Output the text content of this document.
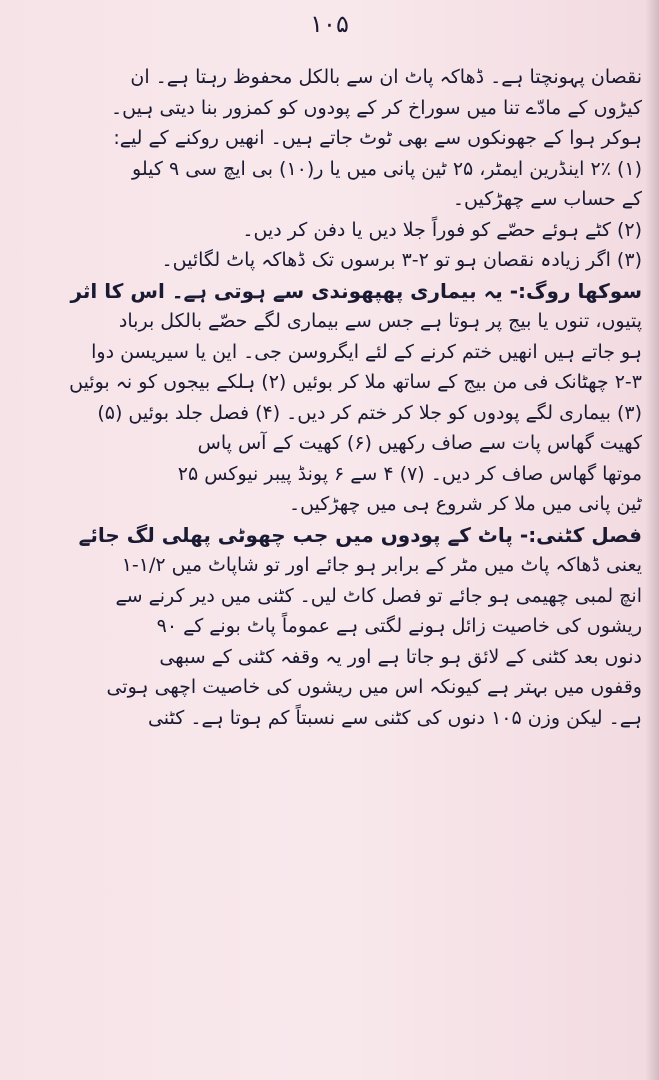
۱۰۵
نقصان پہونچتا ہے۔ ڈھاکہ پاٹ ان سے بالکل محفوظ رہتا ہے۔ ان
کیڑوں کے مادّے تنا میں سوراخ کر کے پودوں کو کمزور بنا دیتی ہیں۔
ہوکر ہوا کے جھونکوں سے بھی ٹوٹ جاتے ہیں۔ انھیں روکنے کے لیے:
(۱) ۲٪ اینڈرین ایمٹر، ۲۵ ٹین پانی میں یا ر(۱۰) بی ایچ سی ۹ کیلو
کے حساب سے چھڑکیں۔
(۲) کٹے ہوئے حصّے کو فوراً جلا دیں یا دفن کر دیں۔
(۳) اگر زیادہ نقصان ہو تو ۲-۳ برسوں تک ڈھاکہ پاٹ لگائیں۔
سوکھا روگ:- یہ بیماری پھپھوندی سے ہوتی ہے۔ اس کا اثر
پتیوں، تنوں یا بیج پر ہوتا ہے جس سے بیماری لگے حصّے بالکل برباد
ہو جاتے ہیں انھیں ختم کرنے کے لئے ایگروسن جی۔ این یا سیریسن دوا
۲-۳ چھٹانک فی من بیج کے ساتھ ملا کر بوئیں (۲) ہلکے بیجوں کو نہ بوئیں
(۳) بیماری لگے پودوں کو جلا کر ختم کر دیں۔ (۴) فصل جلد بوئیں (۵)
کھیت گھاس پات سے صاف رکھیں (۶) کھیت کے آس پاس
موتھا گھاس صاف کر دیں۔ (۷) ۴ سے ۶ پونڈ پیبر نیوکس ۲۵
ٹین پانی میں ملا کر شروع ہی میں چھڑکیں۔
فصل کٹنی:- پاٹ کے پودوں میں جب چھوٹی پھلی لگ جائے
یعنی ڈھاکہ پاٹ میں مٹر کے برابر ہو جائے اور تو شاپاٹ میں ۱/۲-۱
انچ لمبی چھیمی ہو جائے تو فصل کاٹ لیں۔ کٹنی میں دیر کرنے سے
ریشوں کی خاصیت زائل ہونے لگتی ہے عموماً پاٹ بونے کے ۹۰
دنوں بعد کٹنی کے لائق ہو جاتا ہے اور یہ وقفہ کٹنی کے سبھی
وقفوں میں بہتر ہے کیونکہ اس میں ریشوں کی خاصیت اچھی ہوتی
ہے۔ لیکن وزن ۱۰۵ دنوں کی کٹنی سے نسبتاً کم ہوتا ہے۔ کٹنی
